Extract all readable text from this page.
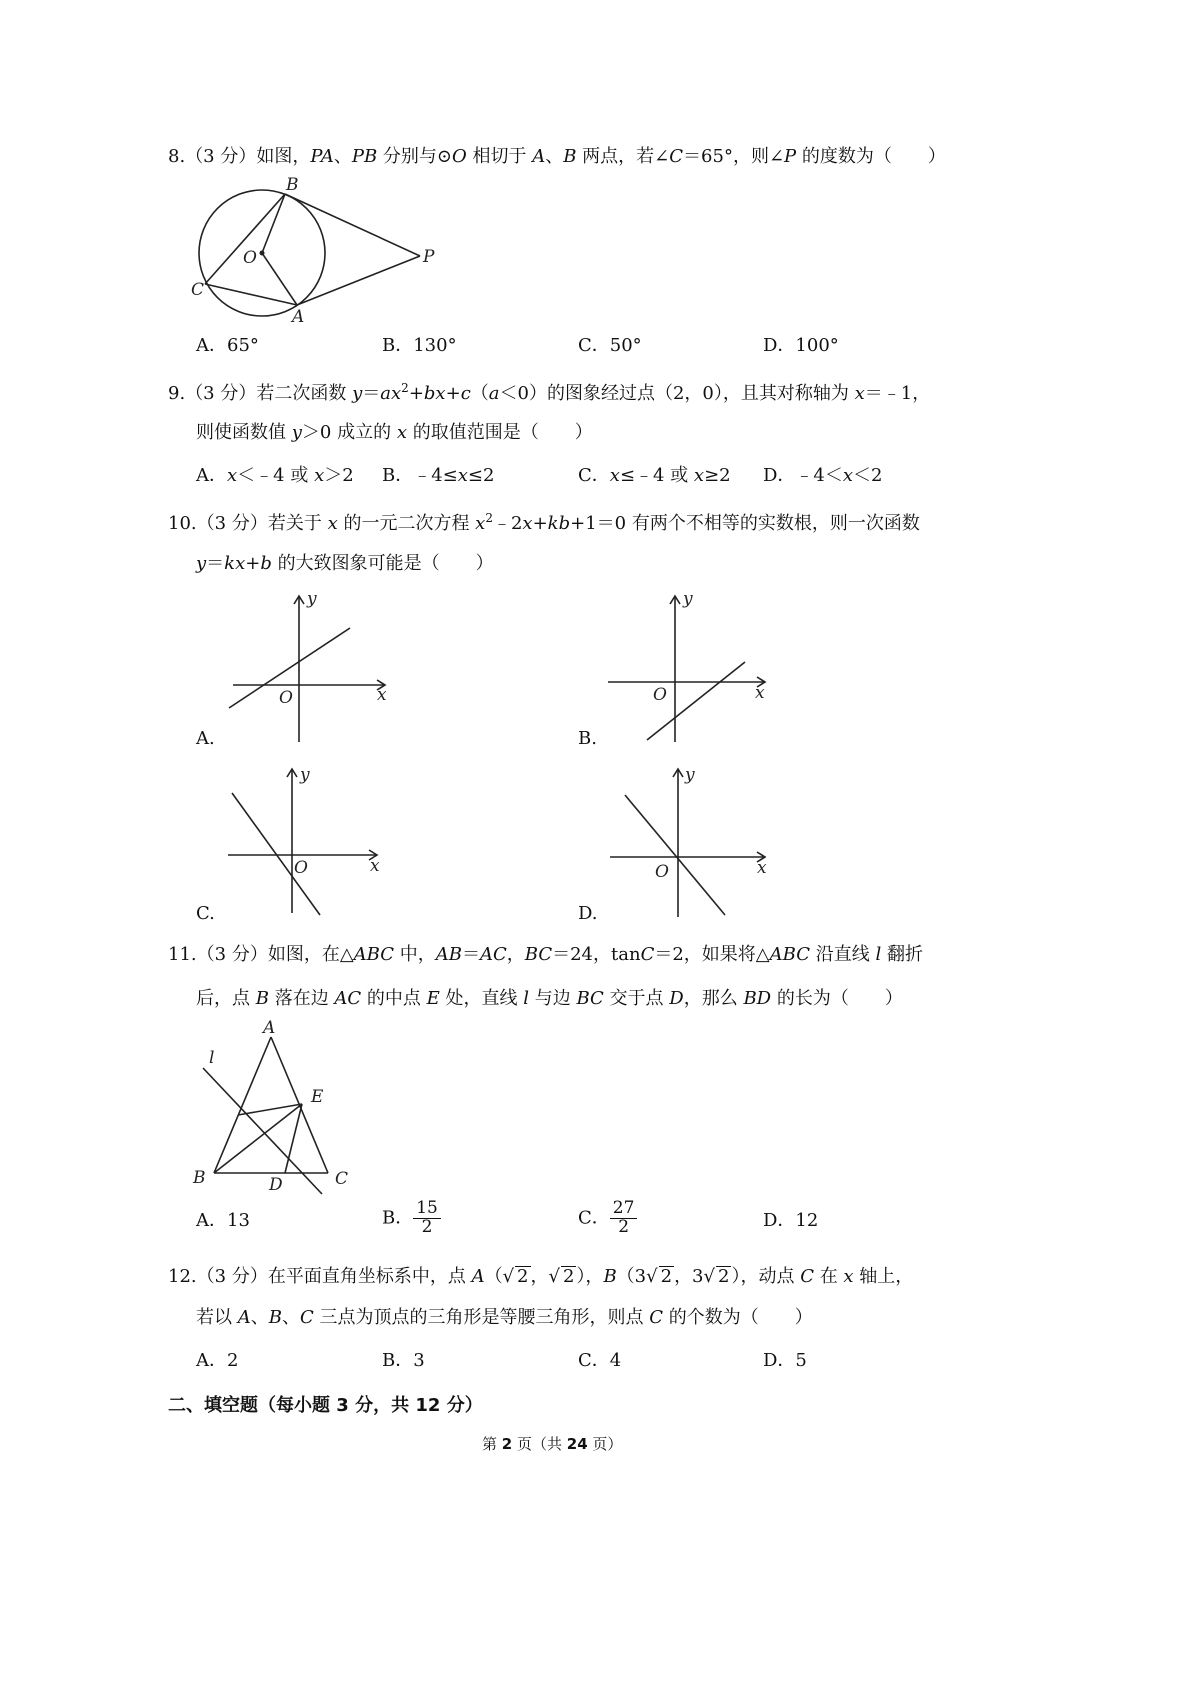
8.（3 分）如图，PA、PB 分别与⊙O 相切于 A、B 两点，若∠C＝65°，则∠P 的度数为（　　）
B
O	P
C
A
A．65°	B．130°	C．50°	D．100°
9.（3 分）若二次函数 $y=ax^2+bx+c(a<0)$的图象经过点（2，0），且其对称轴为 x＝﹣1，
则使函数值 y＞0 成立的 x 的取值范围是（　　）
A．x＜﹣4 或 x＞2 B．﹣4≤x≤2	C．x≤﹣4 或 x≥2 D．﹣4＜x＜2
10.（3 分）若关于 x 的一元二次方程 $x^2﹣2x+kb+1=0$ 有两个不相等的实数根，则一次函数
y＝kx+b 的大致图象可能是（　　）
y
x
O
A.
y
x
O
B.
y
x
O
C.
y
x
O
D.
11.（3 分）如图，在△ABC 中，AB＝AC，BC＝24，tanC＝2，如果将△ABC 沿直线 l 翻折
后，点 B 落在边 AC 的中点 E 处，直线 l 与边 BC 交于点 D，那么 BD 的长为（　　）
A
l
E
B	D	C
A．13	B． $\frac{15}{2}$	C． $\frac{27}{2}$	D．12
12.（3 分）在平面直角坐标系中，点 A（√ 2 ，√ 2 ），B（3√ 2 ，3√ 2 ），动点 C 在 x 轴上，
若以 A、B、C 三点为顶点的三角形是等腰三角形，则点 C 的个数为（　　）
A．2	B．3	C．4	D．5
二、填空题（每小题 3 分，共 12 分）
第 2 页（共 24 页）
